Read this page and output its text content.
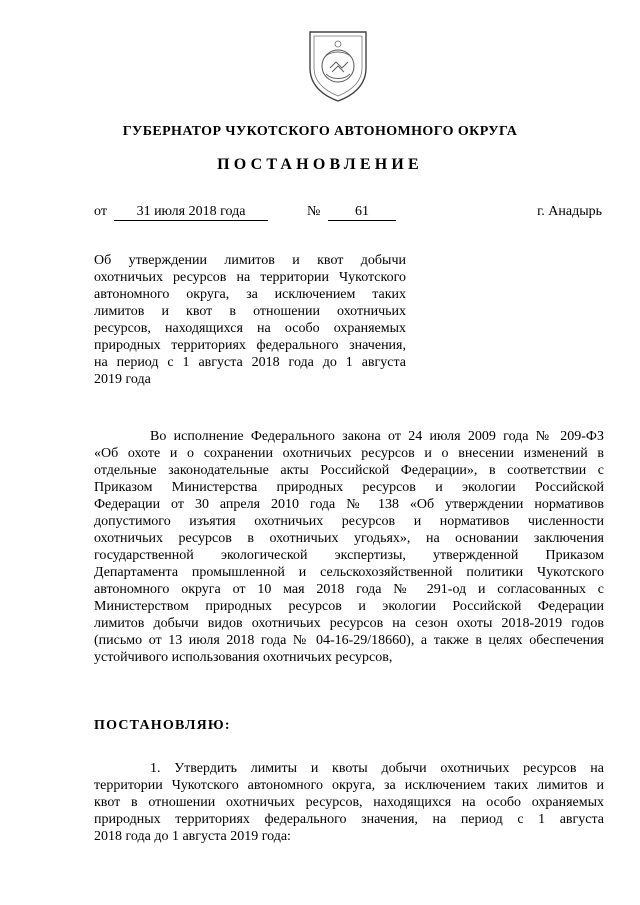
ГУБЕРНАТОР ЧУКОТСКОГО АВТОНОМНОГО ОКРУГА
ПОСТАНОВЛЕНИЕ
от	31 июля 2018 года	№	61	г. Анадырь
Об утверждении лимитов и квот добычи
охотничьих ресурсов на территории Чукотского
автономного округа, за исключением таких
лимитов и квот в отношении охотничьих
ресурсов, находящихся на особо охраняемых
природных территориях федерального значения,
на период с 1 августа 2018 года до 1 августа
2019 года
Во исполнение Федерального закона от 24 июля 2009 года № 209-ФЗ
«Об охоте и о сохранении охотничьих ресурсов и о внесении изменений в
отдельные законодательные акты Российской Федерации», в соответствии с
Приказом Министерства природных ресурсов и экологии Российской
Федерации от 30 апреля 2010 года № 138 «Об утверждении нормативов
допустимого изъятия охотничьих ресурсов и нормативов численности
охотничьих ресурсов в охотничьих угодьях», на основании заключения
государственной экологической экспертизы, утвержденной Приказом
Департамента промышленной и сельскохозяйственной политики Чукотского
автономного округа от 10 мая 2018 года № 291-од и согласованных с
Министерством природных ресурсов и экологии Российской Федерации
лимитов добычи видов охотничьих ресурсов на сезон охоты 2018-2019 годов
(письмо от 13 июля 2018 года № 04-16-29/18660), а также в целях обеспечения
устойчивого использования охотничьих ресурсов,
ПОСТАНОВЛЯЮ:
1. Утвердить лимиты и квоты добычи охотничьих ресурсов на
территории Чукотского автономного округа, за исключением таких лимитов и
квот в отношении охотничьих ресурсов, находящихся на особо охраняемых
природных территориях федерального значения, на период с 1 августа
2018 года до 1 августа 2019 года:
